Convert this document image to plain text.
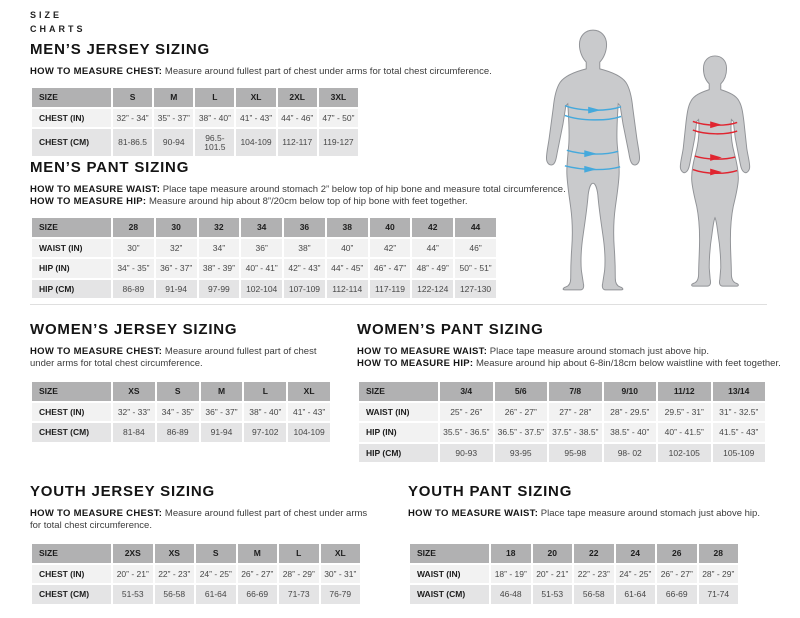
SIZE
CHARTS
MEN’S JERSEY SIZING

HOW TO MEASURE CHEST: Measure around fullest part of chest under arms for total chest circumference.

SIZE	S	M	L	XL	2XL	3XL
CHEST (IN)	32” - 34”	35” - 37”	38” - 40”	41” - 43”	44” - 46”	47” - 50”
CHEST (CM)	81-86.5	90-94	96.5-101.5	104-109	112-117	119-127
MEN’S PANT SIZING

HOW TO MEASURE WAIST: Place tape measure around stomach 2” below top of hip bone and measure total circumference.

HOW TO MEASURE HIP: Measure around hip about 8”/20cm below top of hip bone with feet together.

SIZE	28	30	32	34	36	38	40	42	44
WAIST (IN)	30”	32”	34”	36”	38”	40”	42”	44”	46”
HIP (IN)	34” - 35”	36” - 37”	38” - 39”	40” - 41”	42” - 43”	44” - 45”	46” - 47”	48” - 49”	50” - 51”
HIP (CM)	86-89	91-94	97-99	102-104	107-109	112-114	117-119	122-124	127-130
WOMEN’S JERSEY SIZING

HOW TO MEASURE CHEST: Measure around fullest part of chest under arms for total chest circumference.

SIZE	XS	S	M	L	XL
CHEST (IN)	32” - 33”	34” - 35”	36” - 37”	38” - 40”	41” - 43”
CHEST (CM)	81-84	86-89	91-94	97-102	104-109
WOMEN’S PANT SIZING

HOW TO MEASURE WAIST: Place tape measure around stomach just above hip.

HOW TO MEASURE HIP: Measure around hip about 6-8in/18cm below waistline with feet together.

SIZE	3/4	5/6	7/8	9/10	11/12	13/14
WAIST (IN)	25” - 26”	26” - 27”	27” - 28”	28” - 29.5”	29.5” - 31”	31” - 32.5”
HIP (IN)	35.5” - 36.5”	36.5” - 37.5”	37.5” - 38.5”	38.5” - 40”	40” - 41.5”	41.5” - 43”
HIP (CM)	90-93	93-95	95-98	98- 02	102-105	105-109
YOUTH JERSEY SIZING

HOW TO MEASURE CHEST: Measure around fullest part of chest under arms for total chest circumference.

SIZE	2XS	XS	S	M	L	XL
CHEST (IN)	20” - 21”	22” - 23”	24” - 25”	26” - 27”	28” - 29”	30” - 31”
CHEST (CM)	51-53	56-58	61-64	66-69	71-73	76-79
YOUTH PANT SIZING

HOW TO MEASURE WAIST: Place tape measure around stomach just above hip.

SIZE	18	20	22	24	26	28
WAIST (IN)	18” - 19”	20” - 21”	22” - 23”	24” - 25”	26” - 27”	28” - 29”
WAIST (CM)	46-48	51-53	56-58	61-64	66-69	71-74
